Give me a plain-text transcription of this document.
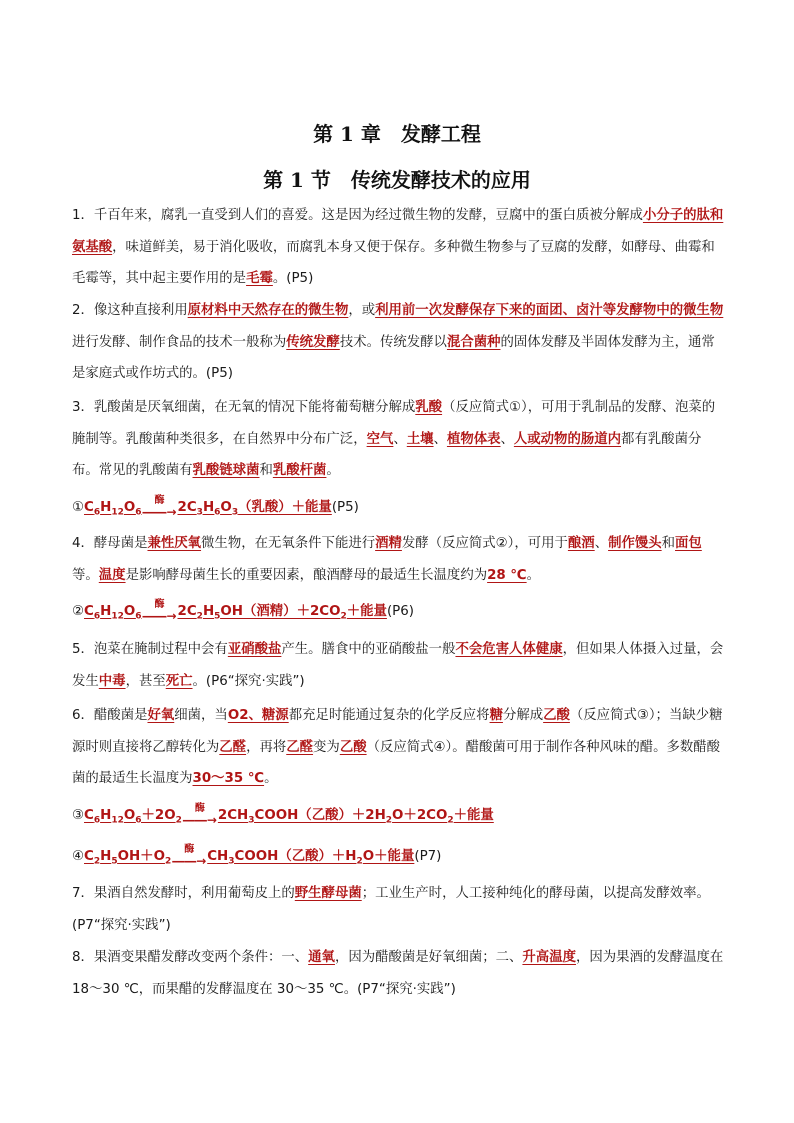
第 1 章　发酵工程
第 1 节　传统发酵技术的应用
1．千百年来，腐乳一直受到人们的喜爱。这是因为经过微生物的发酵，豆腐中的蛋白质被分解成小分子的肽和氨基酸，味道鲜美，易于消化吸收，而腐乳本身又便于保存。多种微生物参与了豆腐的发酵，如酵母、曲霉和毛霉等，其中起主要作用的是毛霉。(P5)
2．像这种直接利用原材料中天然存在的微生物，或利用前一次发酵保存下来的面团、卤汁等发酵物中的微生物进行发酵、制作食品的技术一般称为传统发酵技术。传统发酵以混合菌种的固体发酵及半固体发酵为主，通常是家庭式或作坊式的。(P5)
3．乳酸菌是厌氧细菌，在无氧的情况下能将葡萄糖分解成乳酸（反应简式①），可用于乳制品的发酵、泡菜的腌制等。乳酸菌种类很多，在自然界中分布广泛，空气、土壤、植物体表、人或动物的肠道内都有乳酸菌分布。常见的乳酸菌有乳酸链球菌和乳酸杆菌。
$①C_6H_{12}O_6$
酶
――→ $2C_3H_6O_3$（乳酸）＋能量(P5)
4．酵母菌是兼性厌氧微生物，在无氧条件下能进行酒精发酵（反应简式②），可用于酿酒、制作馒头和面包等。温度是影响酵母菌生长的重要因素，酿酒酵母的最适生长温度约为28 ℃。
$②C_6H_{12}O_6$
酶
――→ $2C_2H_5OH$（酒精）$+2CO_2+$能量(P6)
5．泡菜在腌制过程中会有亚硝酸盐产生。膳食中的亚硝酸盐一般不会危害人体健康，但如果人体摄入过量，会发生中毒，甚至死亡。(P6“探究·实践”)
6．醋酸菌是好氧细菌，当O2、糖源都充足时能通过复杂的化学反应将糖分解成乙酸（反应简式③）；当缺少糖源时则直接将乙醇转化为乙醛，再将乙醛变为乙酸（反应简式④）。醋酸菌可用于制作各种风味的醋。多数醋酸菌的最适生长温度为30～35 ℃。
$③C_6H_{12}O_6+2O_2$
酶
――→ $2CH_3COOH$（乙酸）$+2H_2O+2CO_2+$能量
$④C_2H_5OH+O_2$
酶
――→ $CH_3COOH$（乙酸）$+H_2O+$能量(P7)
7．果酒自然发酵时，利用葡萄皮上的野生酵母菌；工业生产时，人工接种纯化的酵母菌，以提高发酵效率。(P7“探究·实践”)
8．果酒变果醋发酵改变两个条件：一、通氧，因为醋酸菌是好氧细菌；二、升高温度，因为果酒的发酵温度在 18～30 ℃，而果醋的发酵温度在 30～35 ℃。(P7“探究·实践”)
